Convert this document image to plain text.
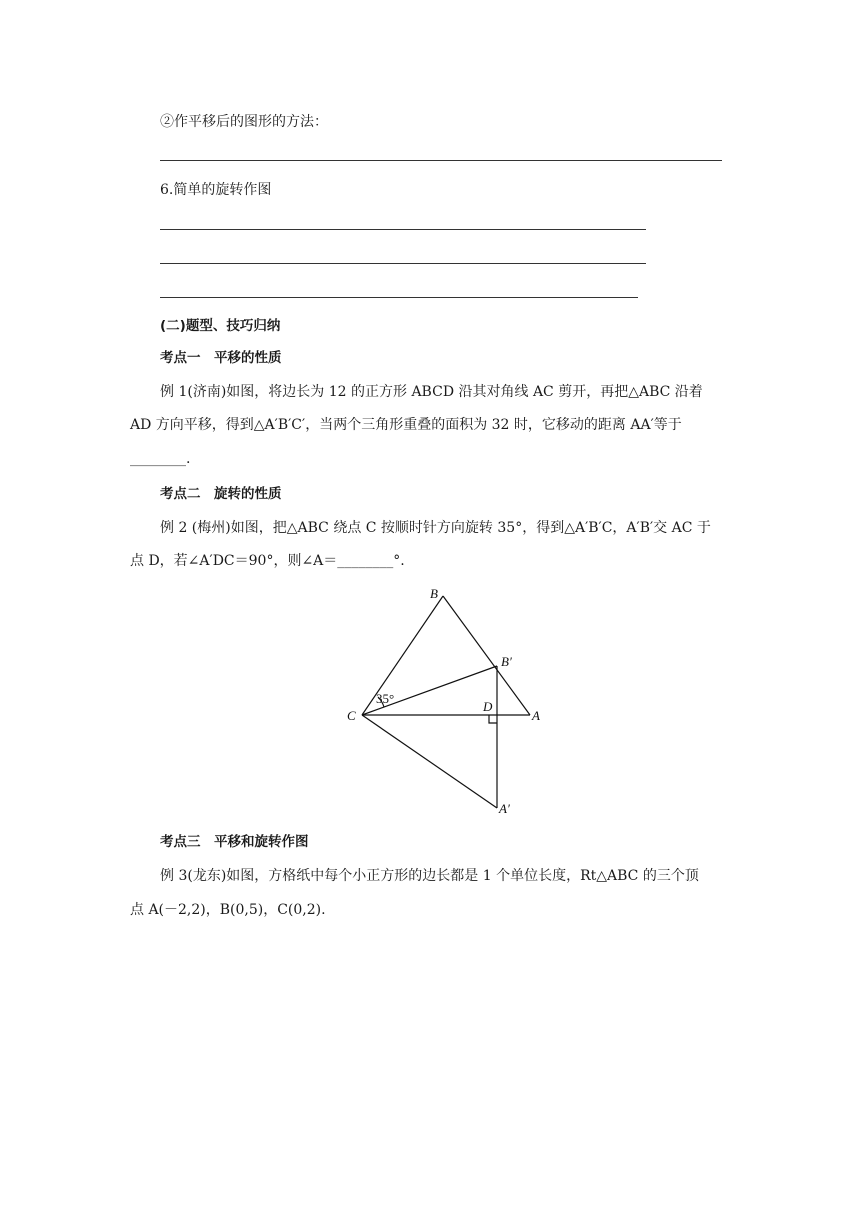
②作平移后的图形的方法：
6.简单的旋转作图
(二)题型、技巧归纳
考点一　平移的性质
例 1(济南)如图，将边长为 12 的正方形 ABCD 沿其对角线 AC 剪开，再把△ABC 沿着
AD 方向平移，得到△A′B′C′，当两个三角形重叠的面积为 32 时，它移动的距离 AA′等于
________.
考点二　旋转的性质
例 2 (梅州)如图，把△ABC 绕点 C 按顺时针方向旋转 35°，得到△A′B′C，A′B′交 AC 于
点 D，若∠A′DC＝90°，则∠A＝________°.
B
B′
C
D
A
A′
35°
考点三　平移和旋转作图
例 3(龙东)如图，方格纸中每个小正方形的边长都是 1 个单位长度，Rt△ABC 的三个顶
点 A(－2,2)，B(0,5)，C(0,2).
